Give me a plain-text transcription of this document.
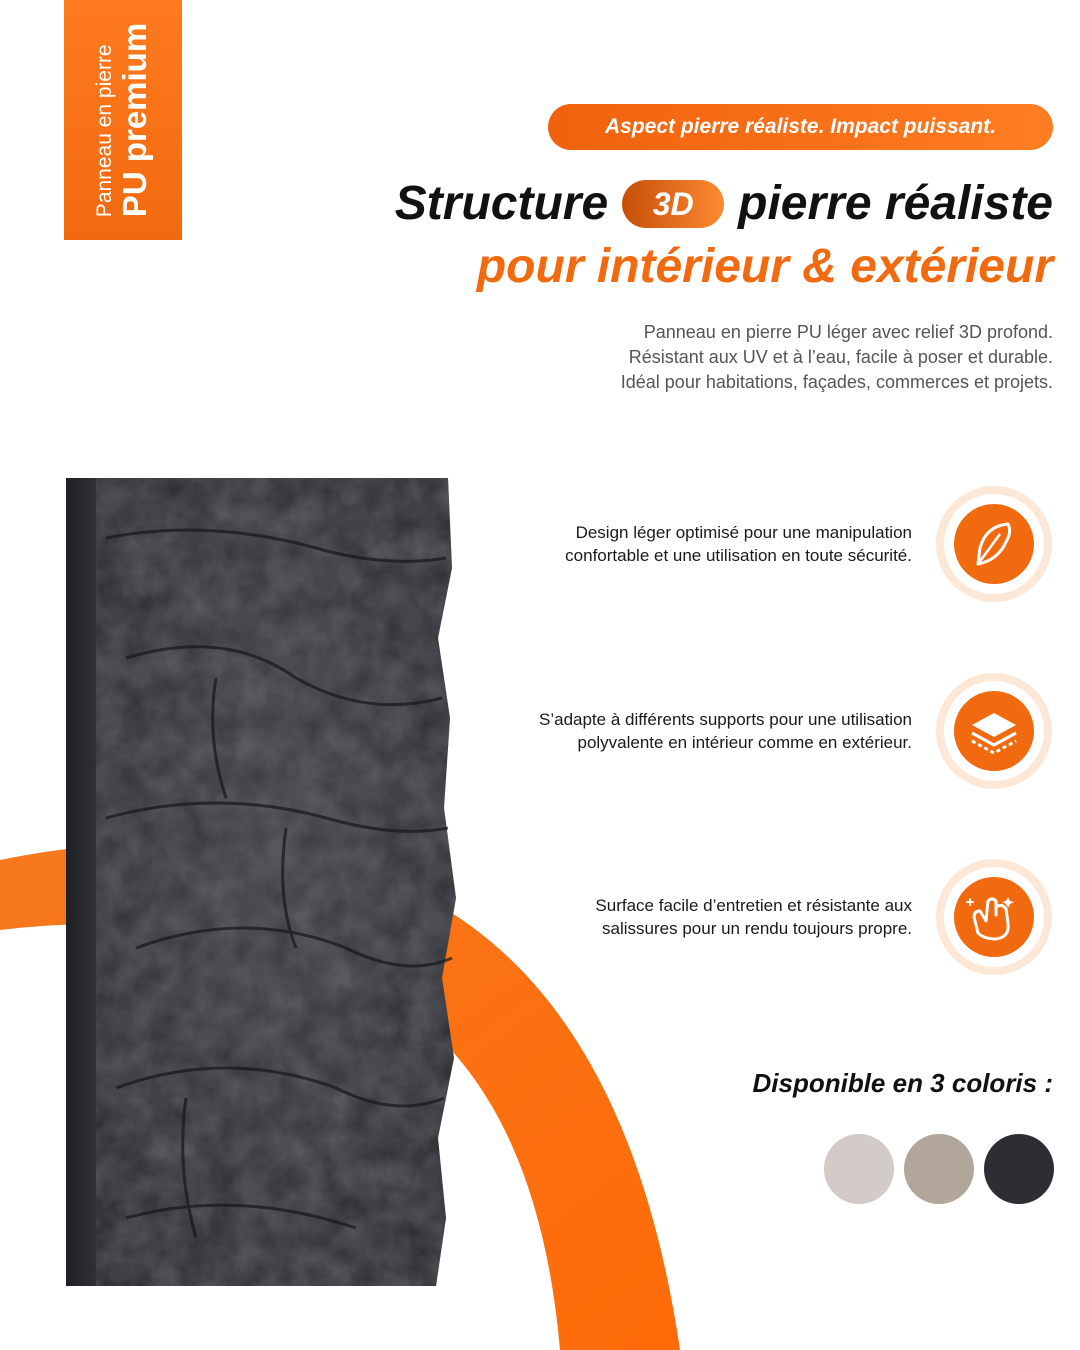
Panneau en pierre PU premium	Aspect pierre réaliste. Impact puissant.
Structure	3D pierre réaliste
pour intérieur & extérieur

Panneau en pierre PU léger avec relief 3D profond.

Résistant aux UV et à l’eau, facile à poser et durable.

Idéal pour habitations, façades, commerces et projets.

Design léger optimisé pour une manipulation

confortable et une utilisation en toute sécurité.

S’adapte à différents supports pour une utilisation

polyvalente en intérieur comme en extérieur.

Surface facile d’entretien et résistante aux

salissures pour un rendu toujours propre.

Disponible en 3 coloris :
